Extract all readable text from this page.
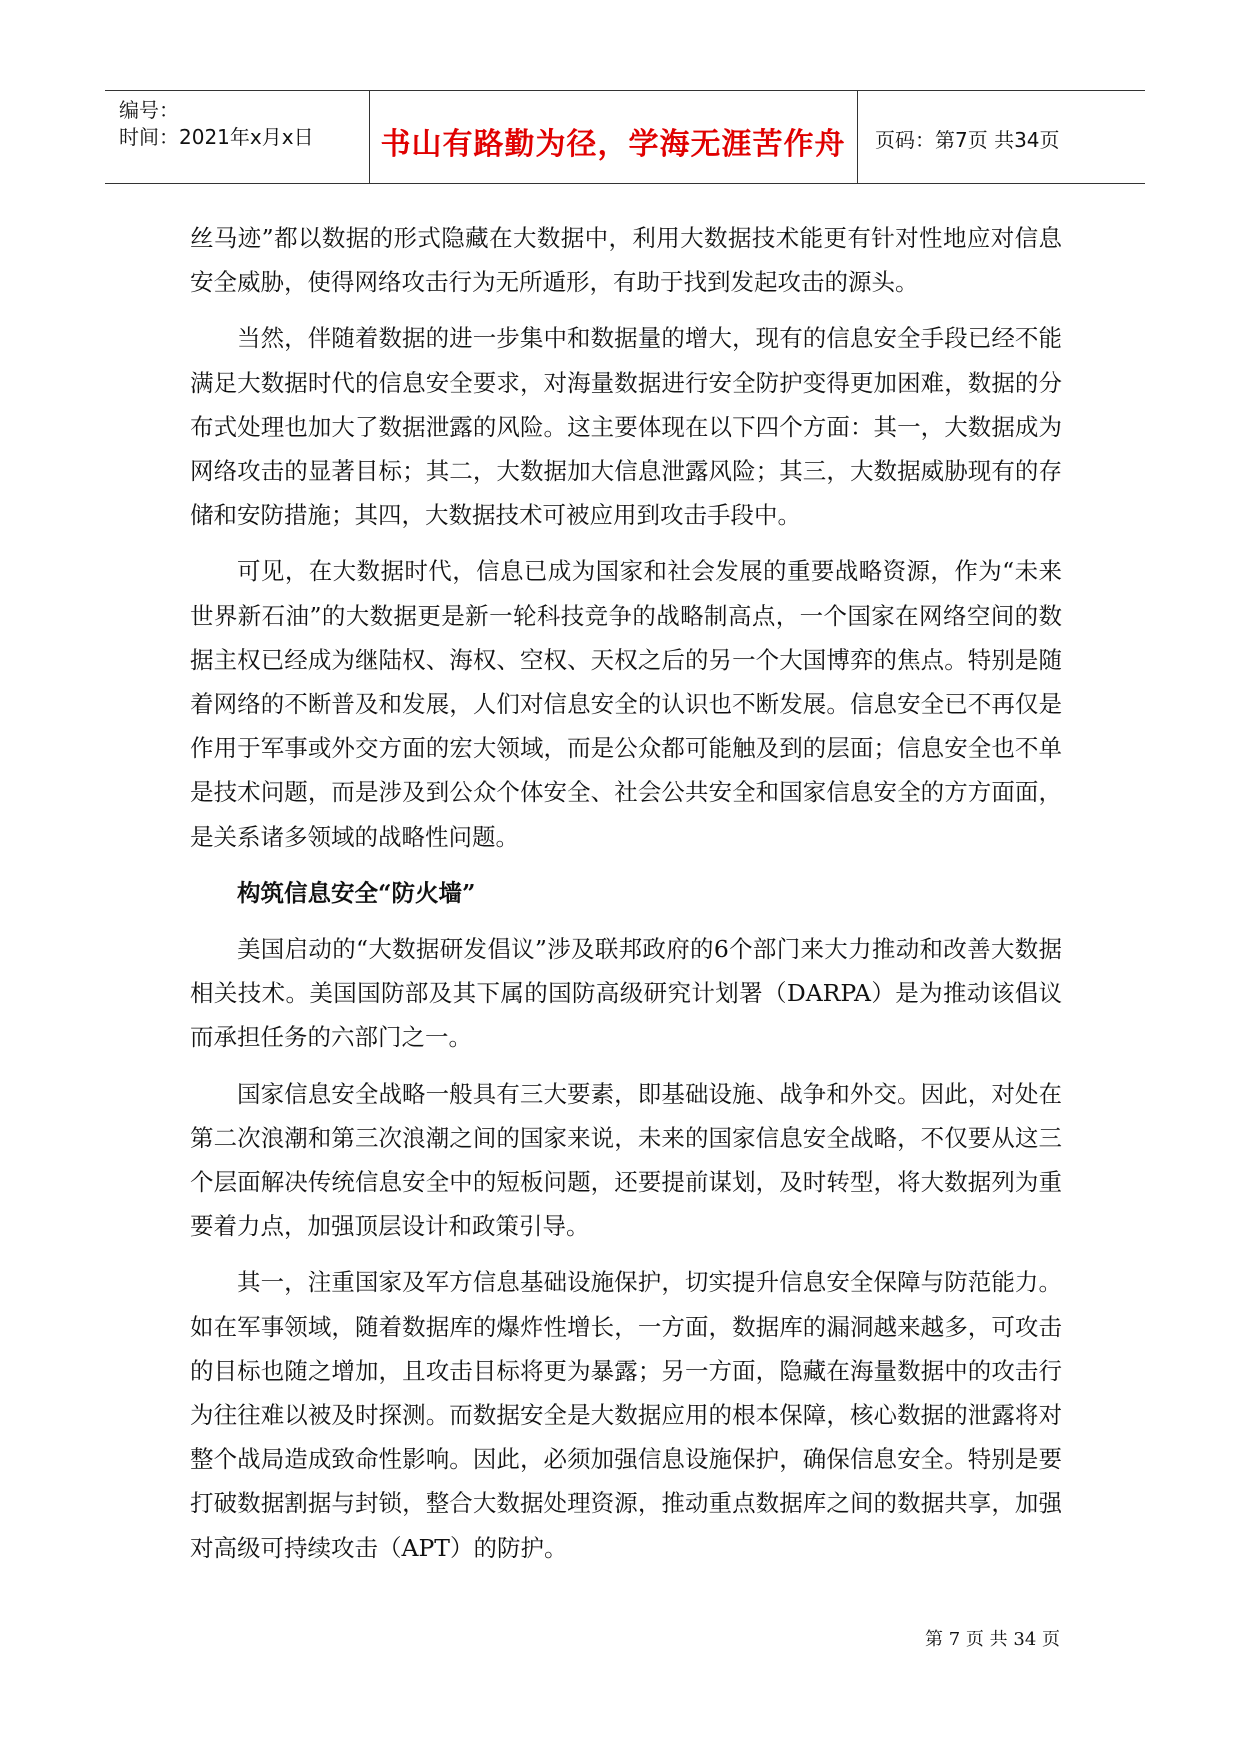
编号：
时间：2021年x月x日	书山有路勤为径，学海无涯苦作舟	页码：第7页 共34页

丝马迹”都以数据的形式隐藏在大数据中，利用大数据技术能更有针对性地应对信息安全威胁，使得网络攻击行为无所遁形，有助于找到发起攻击的源头。

当然，伴随着数据的进一步集中和数据量的增大，现有的信息安全手段已经不能满足大数据时代的信息安全要求，对海量数据进行安全防护变得更加困难，数据的分布式处理也加大了数据泄露的风险。这主要体现在以下四个方面：其一，大数据成为网络攻击的显著目标；其二，大数据加大信息泄露风险；其三，大数据威胁现有的存储和安防措施；其四，大数据技术可被应用到攻击手段中。

可见，在大数据时代，信息已成为国家和社会发展的重要战略资源，作为“未来世界新石油”的大数据更是新一轮科技竞争的战略制高点，一个国家在网络空间的数据主权已经成为继陆权、海权、空权、天权之后的另一个大国博弈的焦点。特别是随着网络的不断普及和发展，人们对信息安全的认识也不断发展。信息安全已不再仅是作用于军事或外交方面的宏大领域，而是公众都可能触及到的层面；信息安全也不单是技术问题，而是涉及到公众个体安全、社会公共安全和国家信息安全的方方面面，是关系诸多领域的战略性问题。

构筑信息安全“防火墙”

美国启动的“大数据研发倡议”涉及联邦政府的6个部门来大力推动和改善大数据相关技术。美国国防部及其下属的国防高级研究计划署（DARPA）是为推动该倡议而承担任务的六部门之一。

国家信息安全战略一般具有三大要素，即基础设施、战争和外交。因此，对处在第二次浪潮和第三次浪潮之间的国家来说，未来的国家信息安全战略，不仅要从这三个层面解决传统信息安全中的短板问题，还要提前谋划，及时转型，将大数据列为重要着力点，加强顶层设计和政策引导。

其一，注重国家及军方信息基础设施保护，切实提升信息安全保障与防范能力。如在军事领域，随着数据库的爆炸性增长，一方面，数据库的漏洞越来越多，可攻击的目标也随之增加，且攻击目标将更为暴露；另一方面，隐藏在海量数据中的攻击行为往往难以被及时探测。而数据安全是大数据应用的根本保障，核心数据的泄露将对整个战局造成致命性影响。因此，必须加强信息设施保护，确保信息安全。特别是要打破数据割据与封锁，整合大数据处理资源，推动重点数据库之间的数据共享，加强对高级可持续攻击（APT）的防护。

第 7 页 共 34 页
